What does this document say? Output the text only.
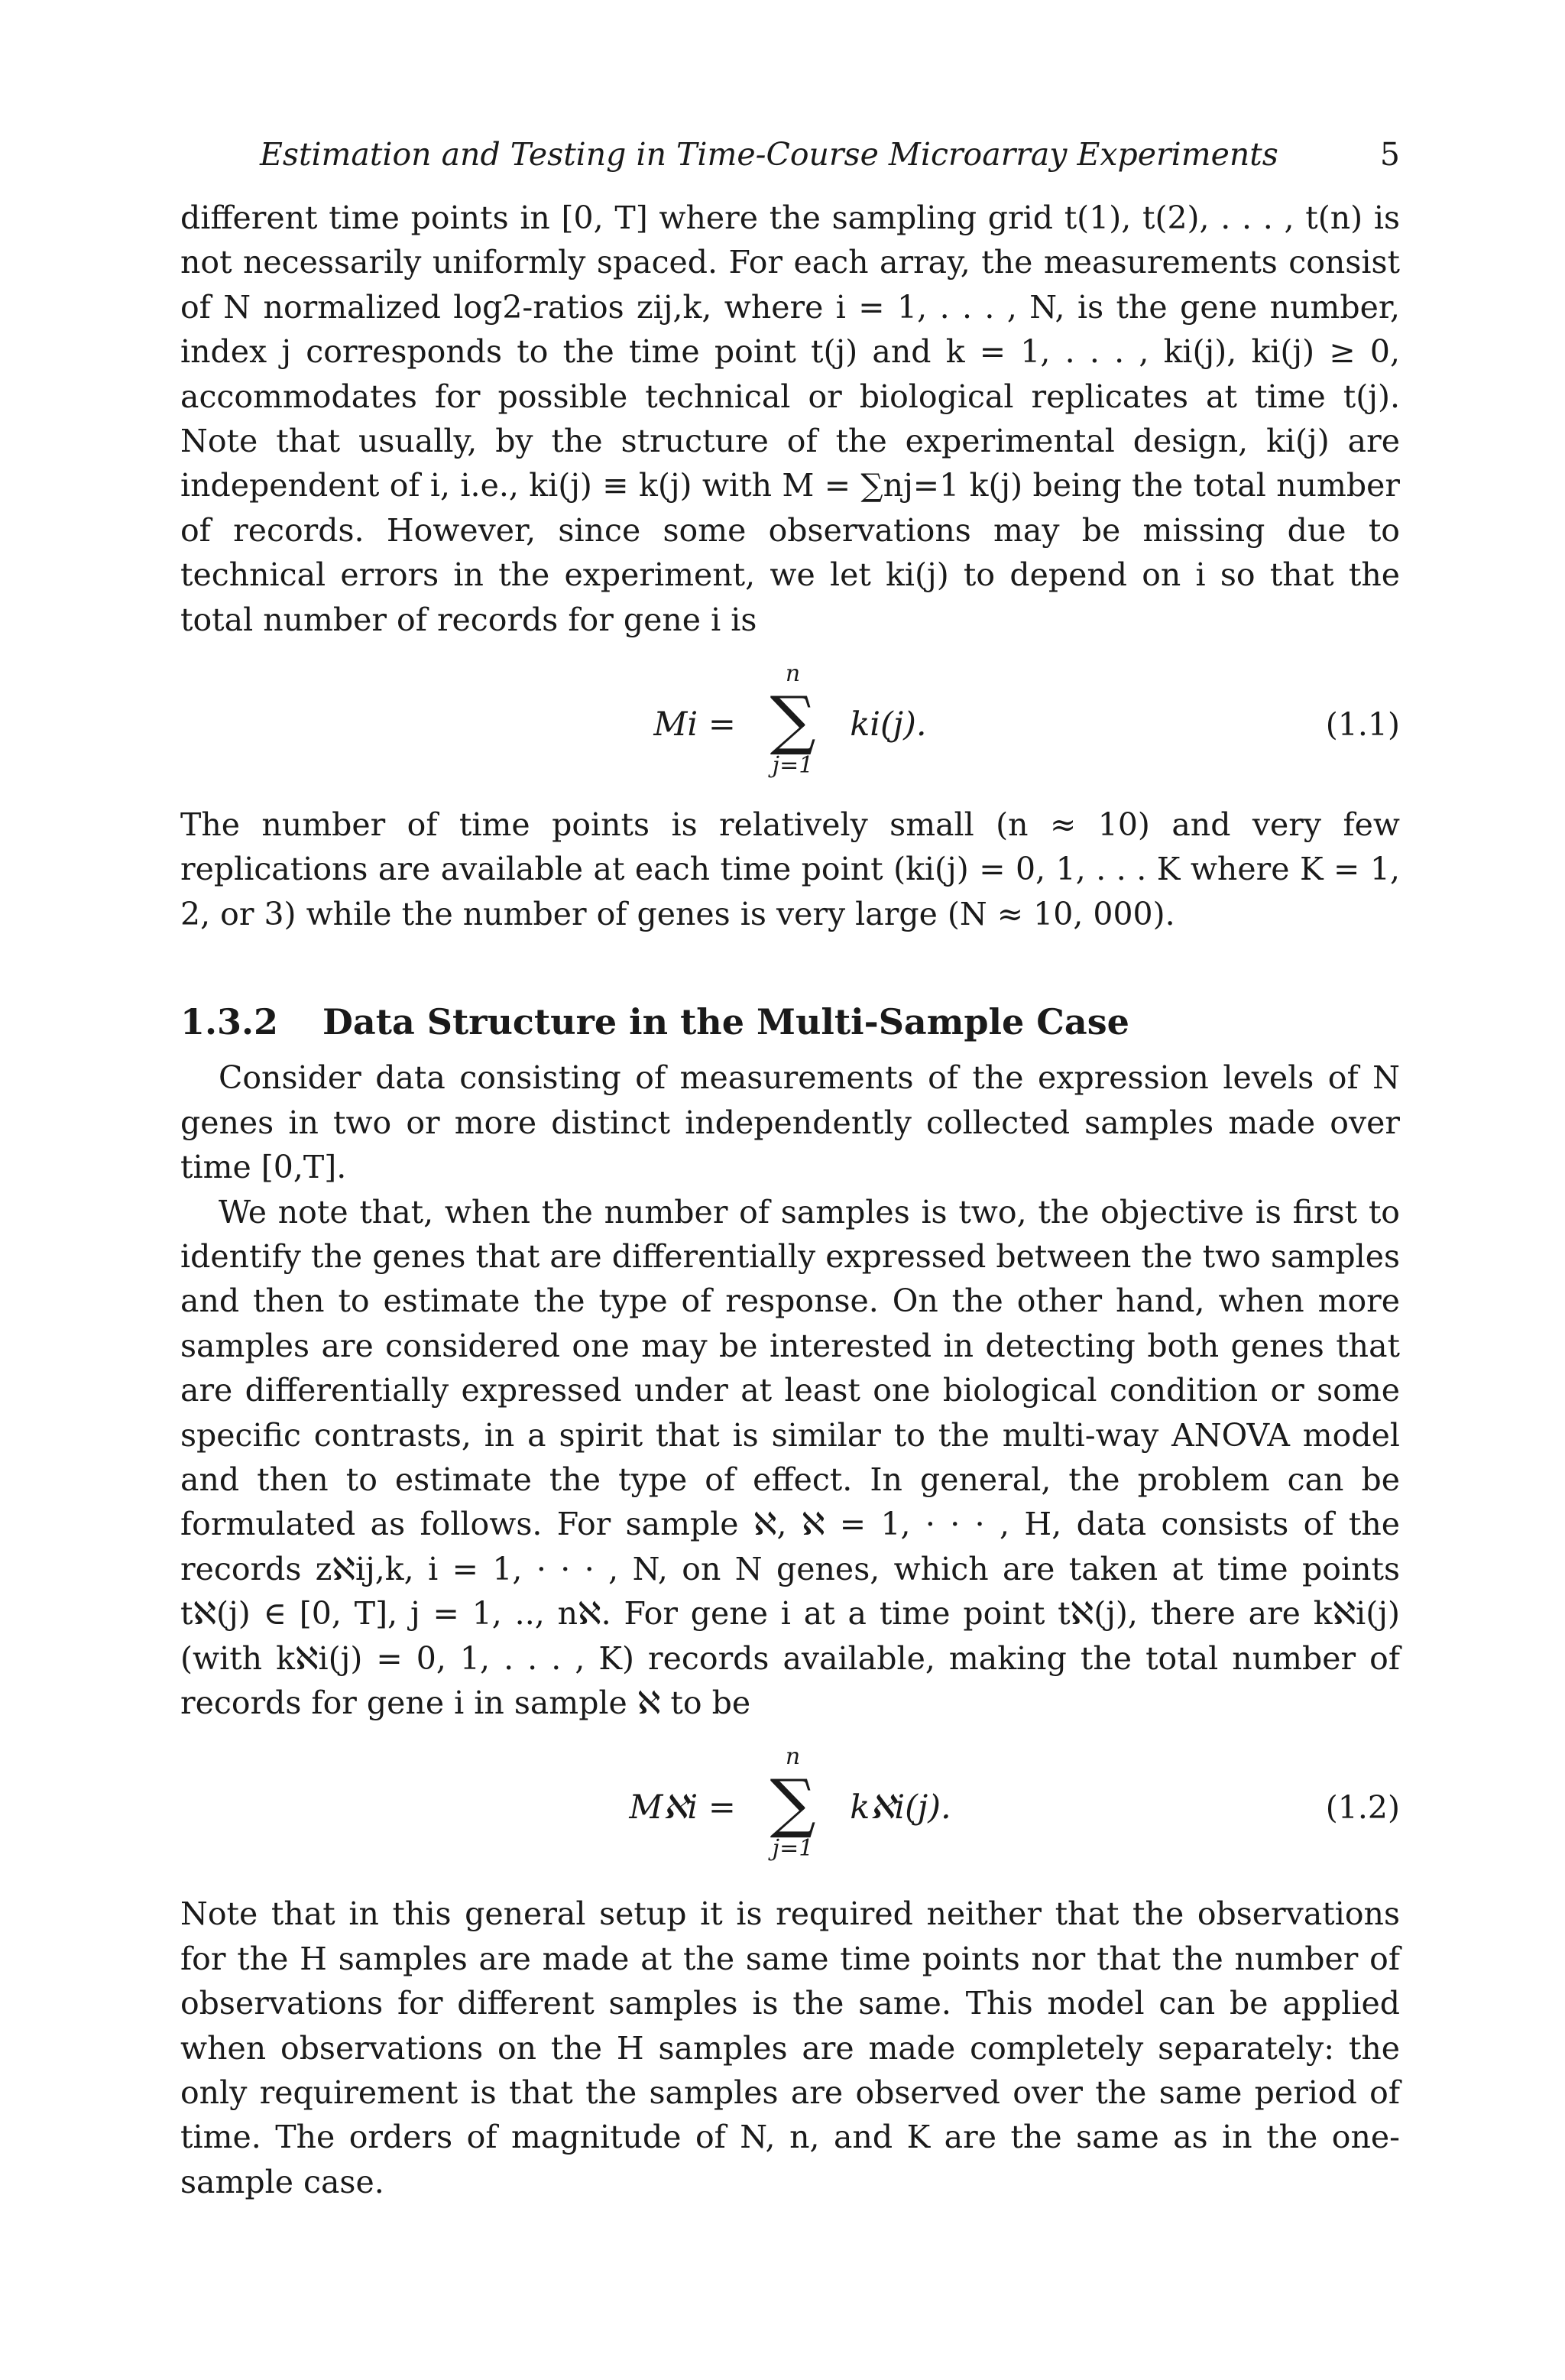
Estimation and Testing in Time-Course Microarray Experiments	5

different time points in [0, T] where the sampling grid t(1), t(2), . . . , t(n) is not necessarily uniformly spaced. For each array, the measurements consist of N normalized log2-ratios zij,k, where i = 1, . . . , N, is the gene number, index j corresponds to the time point t(j) and k = 1, . . . , ki(j), ki(j) ≥ 0, accommodates for possible technical or biological replicates at time t(j). Note that usually, by the structure of the experimental design, ki(j) are independent of i, i.e., ki(j) ≡ k(j) with M = ∑nj=1 k(j) being the total number of records. However, since some observations may be missing due to technical errors in the experiment, we let ki(j) to depend on i so that the total number of records for gene i is

Mi =
n
∑
j=1
ki(j).	(1.1)

The number of time points is relatively small (n ≈ 10) and very few replications are available at each time point (ki(j) = 0, 1, . . . K where K = 1, 2, or 3) while the number of genes is very large (N ≈ 10, 000).

1.3.2 Data Structure in the Multi-Sample Case

Consider data consisting of measurements of the expression levels of N genes in two or more distinct independently collected samples made over time [0,T].

We note that, when the number of samples is two, the objective is first to identify the genes that are differentially expressed between the two samples and then to estimate the type of response. On the other hand, when more samples are considered one may be interested in detecting both genes that are differentially expressed under at least one biological condition or some specific contrasts, in a spirit that is similar to the multi-way ANOVA model and then to estimate the type of effect. In general, the problem can be formulated as follows. For sample ℵ, ℵ = 1, · · · , H, data consists of the records zℵij,k, i = 1, · · · , N, on N genes, which are taken at time points tℵ(j) ∈ [0, T], j = 1, .., nℵ. For gene i at a time point tℵ(j), there are kℵi(j) (with kℵi(j) = 0, 1, . . . , K) records available, making the total number of records for gene i in sample ℵ to be

Mℵi =
n
∑
j=1
kℵi(j).	(1.2)

Note that in this general setup it is required neither that the observations for the H samples are made at the same time points nor that the number of observations for different samples is the same. This model can be applied when observations on the H samples are made completely separately: the only requirement is that the samples are observed over the same period of time. The orders of magnitude of N, n, and K are the same as in the one-sample case.
